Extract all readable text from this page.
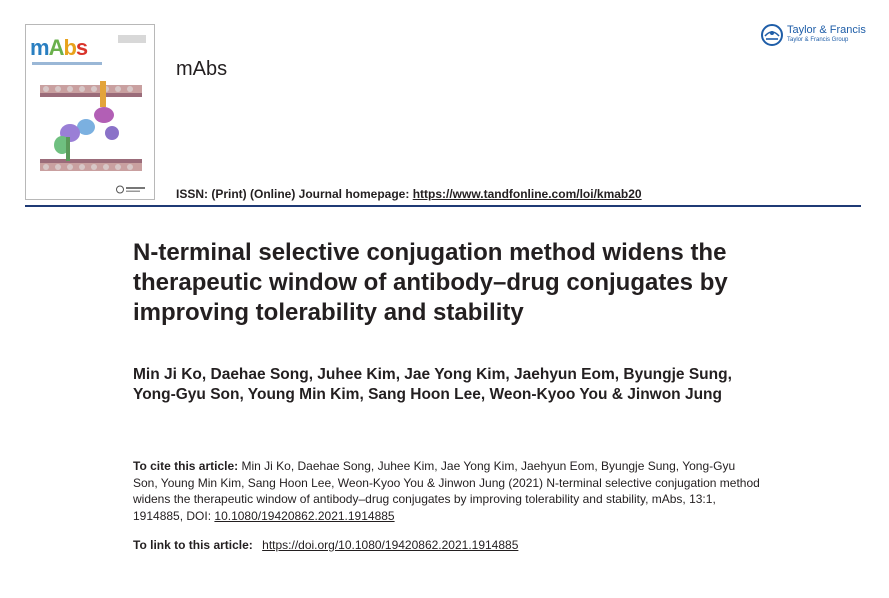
mAbs
mAbs
ISSN: (Print) (Online) Journal homepage: https://www.tandfonline.com/loi/kmab20
Taylor & Francis
Taylor & Francis Group
N-terminal selective conjugation method widens the therapeutic window of antibody–drug conjugates by improving tolerability and stability
Min Ji Ko, Daehae Song, Juhee Kim, Jae Yong Kim, Jaehyun Eom, Byungje Sung, Yong-Gyu Son, Young Min Kim, Sang Hoon Lee, Weon-Kyoo You & Jinwon Jung
To cite this article: Min Ji Ko, Daehae Song, Juhee Kim, Jae Yong Kim, Jaehyun Eom, Byungje Sung, Yong-Gyu Son, Young Min Kim, Sang Hoon Lee, Weon-Kyoo You & Jinwon Jung (2021) N-terminal selective conjugation method widens the therapeutic window of antibody–drug conjugates by improving tolerability and stability, mAbs, 13:1, 1914885, DOI: 10.1080/19420862.2021.1914885
To link to this article: https://doi.org/10.1080/19420862.2021.1914885
